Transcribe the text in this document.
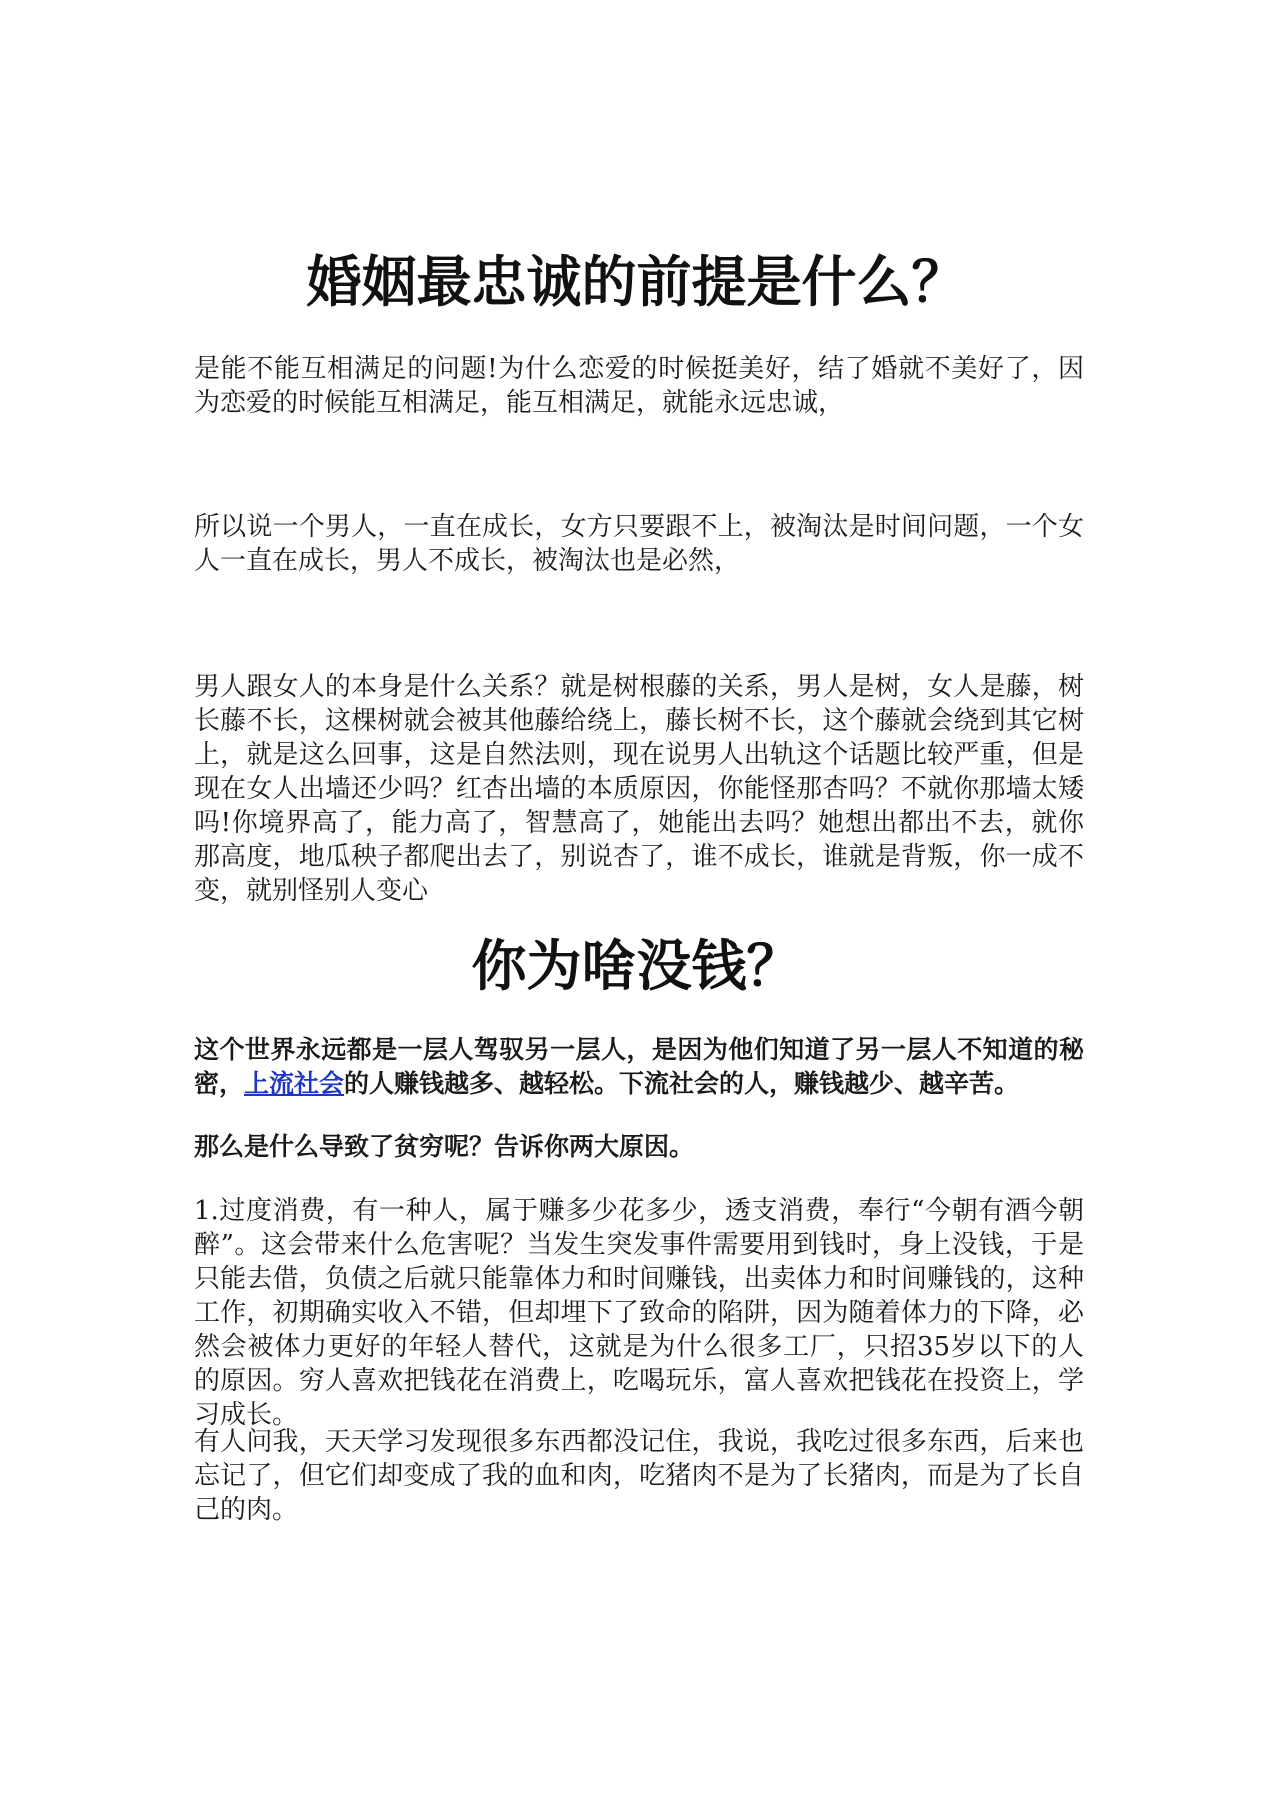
婚姻最忠诚的前提是什么？

是能不能互相满足的问题!为什么恋爱的时候挺美好，结了婚就不美好了，因为恋爱的时候能互相满足，能互相满足，就能永远忠诚，

所以说一个男人，一直在成长，女方只要跟不上，被淘汰是时间问题，一个女人一直在成长，男人不成长，被淘汰也是必然，

男人跟女人的本身是什么关系？就是树根藤的关系，男人是树，女人是藤，树长藤不长，这棵树就会被其他藤给绕上，藤长树不长，这个藤就会绕到其它树上，就是这么回事，这是自然法则，现在说男人出轨这个话题比较严重，但是现在女人出墙还少吗？红杏出墙的本质原因，你能怪那杏吗？不就你那墙太矮吗!你境界高了，能力高了，智慧高了，她能出去吗？她想出都出不去，就你那高度，地瓜秧子都爬出去了，别说杏了，谁不成长，谁就是背叛，你一成不变，就别怪别人变心

你为啥没钱？

这个世界永远都是一层人驾驭另一层人，是因为他们知道了另一层人不知道的秘密，上流社会的人赚钱越多、越轻松。下流社会的人，赚钱越少、越辛苦。

那么是什么导致了贫穷呢？告诉你两大原因。

1.过度消费，有一种人，属于赚多少花多少，透支消费，奉行“今朝有酒今朝醉”。这会带来什么危害呢？当发生突发事件需要用到钱时，身上没钱，于是只能去借，负债之后就只能靠体力和时间赚钱，出卖体力和时间赚钱的，这种工作，初期确实收入不错，但却埋下了致命的陷阱，因为随着体力的下降，必然会被体力更好的年轻人替代，这就是为什么很多工厂，只招35岁以下的人的原因。穷人喜欢把钱花在消费上，吃喝玩乐，富人喜欢把钱花在投资上，学习成长。

有人问我，天天学习发现很多东西都没记住，我说，我吃过很多东西，后来也忘记了，但它们却变成了我的血和肉，吃猪肉不是为了长猪肉，而是为了长自己的肉。
